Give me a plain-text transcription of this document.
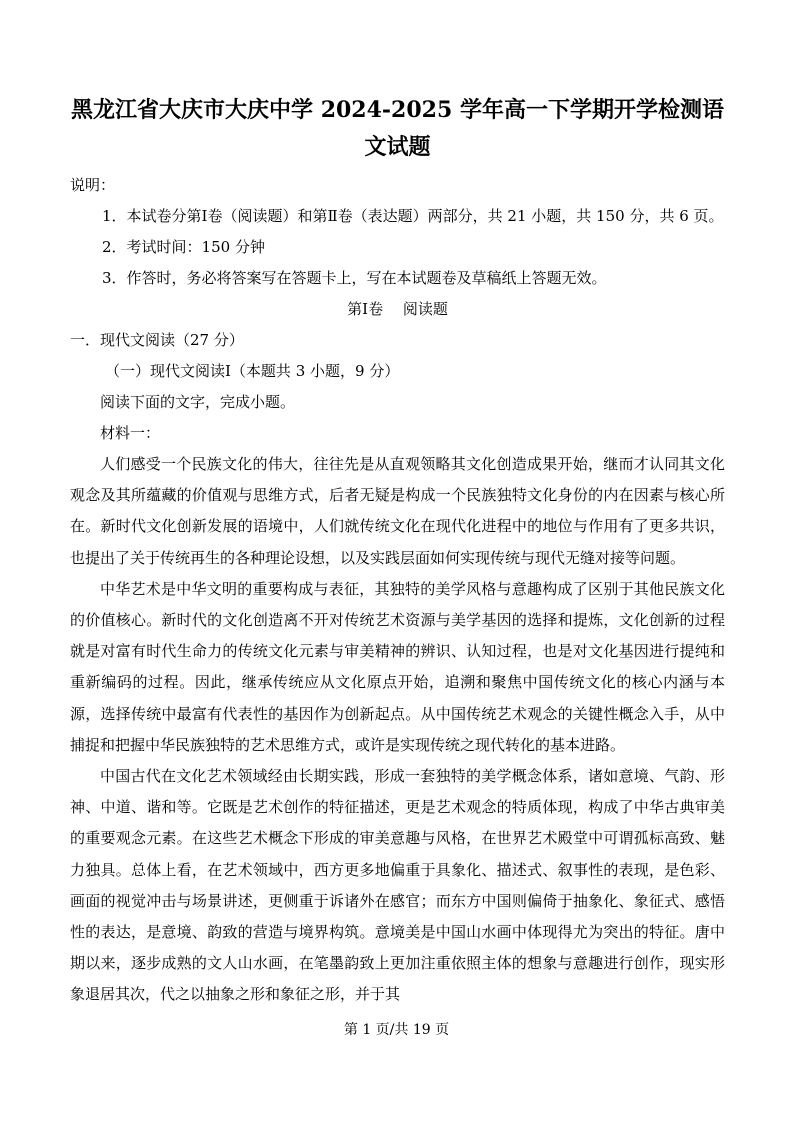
黑龙江省大庆市大庆中学 2024-2025 学年高一下学期开学检测语文试题

说明：

1．本试卷分第Ⅰ卷（阅读题）和第Ⅱ卷（表达题）两部分，共 21 小题，共 150 分，共 6 页。

2．考试时间：150 分钟

3．作答时，务必将答案写在答题卡上，写在本试题卷及草稿纸上答题无效。

第Ⅰ卷　 阅读题

一．现代文阅读（27 分）

（一）现代文阅读Ⅰ（本题共 3 小题，9 分）

阅读下面的文字，完成小题。

材料一：

人们感受一个民族文化的伟大，往往先是从直观领略其文化创造成果开始，继而才认同其文化观念及其所蕴藏的价值观与思维方式，后者无疑是构成一个民族独特文化身份的内在因素与核心所在。新时代文化创新发展的语境中，人们就传统文化在现代化进程中的地位与作用有了更多共识，也提出了关于传统再生的各种理论设想，以及实践层面如何实现传统与现代无缝对接等问题。

中华艺术是中华文明的重要构成与表征，其独特的美学风格与意趣构成了区别于其他民族文化的价值核心。新时代的文化创造离不开对传统艺术资源与美学基因的选择和提炼，文化创新的过程就是对富有时代生命力的传统文化元素与审美精神的辨识、认知过程，也是对文化基因进行提纯和重新编码的过程。因此，继承传统应从文化原点开始，追溯和聚焦中国传统文化的核心内涵与本源，选择传统中最富有代表性的基因作为创新起点。从中国传统艺术观念的关键性概念入手，从中捕捉和把握中华民族独特的艺术思维方式，或许是实现传统之现代转化的基本进路。

中国古代在文化艺术领域经由长期实践，形成一套独特的美学概念体系，诸如意境、气韵、形神、中道、谐和等。它既是艺术创作的特征描述，更是艺术观念的特质体现，构成了中华古典审美的重要观念元素。在这些艺术概念下形成的审美意趣与风格，在世界艺术殿堂中可谓孤标高致、魅力独具。总体上看，在艺术领域中，西方更多地偏重于具象化、描述式、叙事性的表现，是色彩、画面的视觉冲击与场景讲述，更侧重于诉诸外在感官；而东方中国则偏倚于抽象化、象征式、感悟性的表达，是意境、韵致的营造与境界构筑。意境美是中国山水画中体现得尤为突出的特征。唐中期以来，逐步成熟的文人山水画，在笔墨韵致上更加注重依照主体的想象与意趣进行创作，现实形象退居其次，代之以抽象之形和象征之形，并于其

第 1 页/共 19 页
